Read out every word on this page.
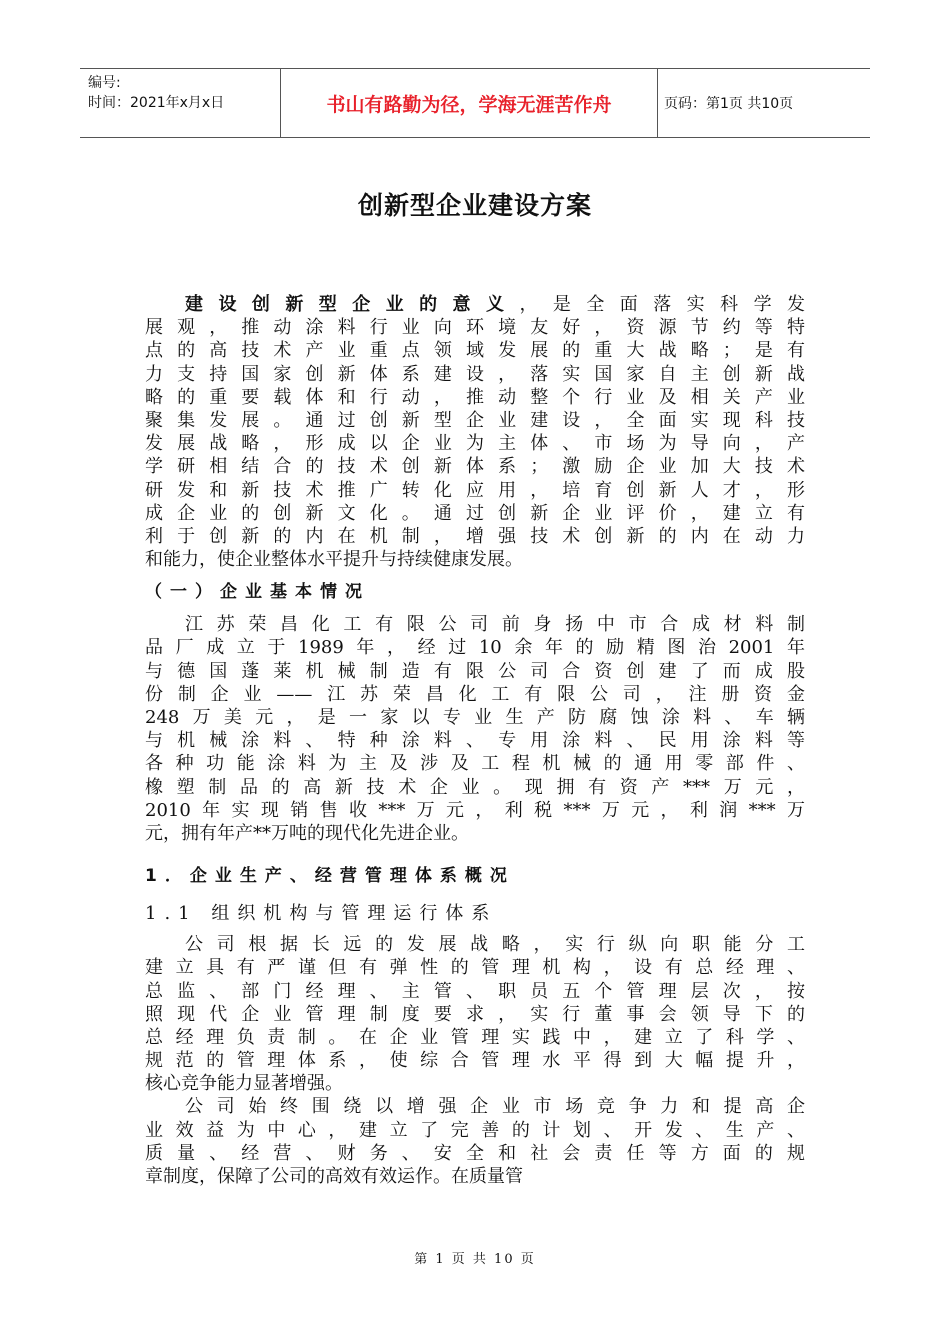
编号:
时间：2021年x月x日	书山有路勤为径，学海无涯苦作舟	页码：第1页 共10页
创新型企业建设方案
建设创新型企业的意义，是全面落实科学发
展观，推动涂料行业向环境友好，资源节约等特
点的高技术产业重点领域发展的重大战略；是有
力支持国家创新体系建设，落实国家自主创新战
略的重要载体和行动，推动整个行业及相关产业
聚集发展。通过创新型企业建设，全面实现科技
发展战略，形成以企业为主体、市场为导向，产
学研相结合的技术创新体系；激励企业加大技术
研发和新技术推广转化应用，培育创新人才，形
成企业的创新文化。通过创新企业评价，建立有
利于创新的内在机制，增强技术创新的内在动力
和能力，使企业整体水平提升与持续健康发展。
（一）企业基本情况
江苏荣昌化工有限公司前身扬中市合成材料制
品厂成立于1989年，经过10余年的励精图治2001年
与德国蓬莱机械制造有限公司合资创建了而成股
份制企业——江苏荣昌化工有限公司，注册资金
248万美元，是一家以专业生产防腐蚀涂料、车辆
与机械涂料、特种涂料、专用涂料、民用涂料等
各种功能涂料为主及涉及工程机械的通用零部件、
橡塑制品的高新技术企业。现拥有资产***万元，
2010年实现销售收***万元，利税***万元，利润***万
元，拥有年产**万吨的现代化先进企业。
1．企业生产、经营管理体系概况
1.1 组织机构与管理运行体系
公司根据长远的发展战略，实行纵向职能分工
建立具有严谨但有弹性的管理机构，设有总经理、
总监、部门经理、主管、职员五个管理层次，按
照现代企业管理制度要求，实行董事会领导下的
总经理负责制。在企业管理实践中，建立了科学、
规范的管理体系，使综合管理水平得到大幅提升，
核心竞争能力显著增强。
公司始终围绕以增强企业市场竞争力和提高企
业效益为中心，建立了完善的计划、开发、生产、
质量、经营、财务、安全和社会责任等方面的规
章制度，保障了公司的高效有效运作。在质量管
第 1 页 共 10 页
